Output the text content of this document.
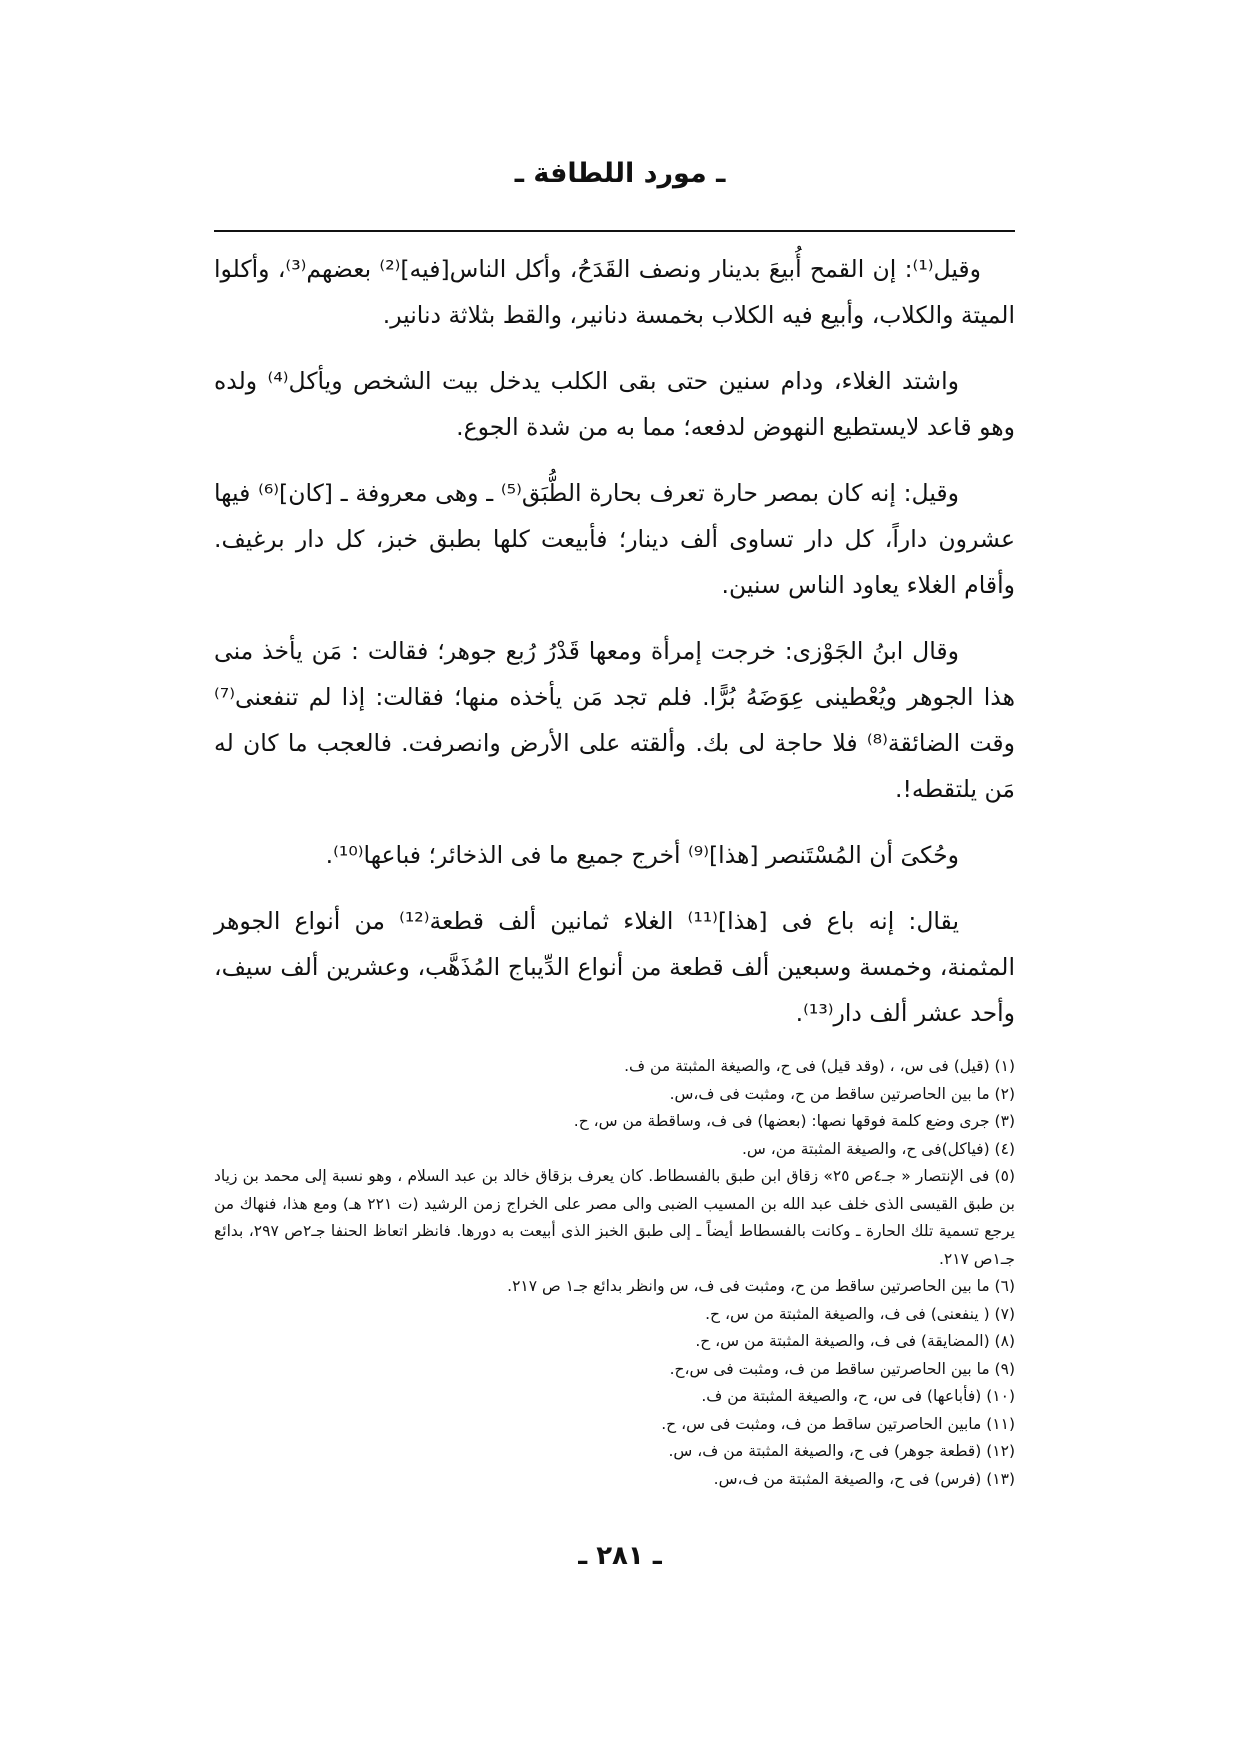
ـ مورد اللطافة ـ

وقيل⁽¹⁾: إن القمح أُبيعَ بدينار ونصف القَدَحُ، وأكل الناس[فيه]⁽²⁾ بعضهم⁽³⁾، وأكلوا الميتة والكلاب، وأبيع فيه الكلاب بخمسة دنانير، والقط بثلاثة دنانير.

واشتد الغلاء، ودام سنين حتى بقى الكلب يدخل بيت الشخص ويأكل⁽⁴⁾ ولده وهو قاعد لايستطيع النهوض لدفعه؛ مما به من شدة الجوع.

وقيل: إنه كان بمصر حارة تعرف بحارة الطُّبَق⁽⁵⁾ ـ وهى معروفة ـ [كان]⁽⁶⁾ فيها عشرون داراً، كل دار تساوى ألف دينار؛ فأبيعت كلها بطبق خبز، كل دار برغيف. وأقام الغلاء يعاود الناس سنين.

وقال ابنُ الجَوْزى: خرجت إمرأة ومعها قَدْرُ رُبع جوهر؛ فقالت : مَن يأخذ منى هذا الجوهر ويُعْطينى عِوَضَهُ بُرًّا. فلم تجد مَن يأخذه منها؛ فقالت: إذا لم تنفعنى⁽⁷⁾ وقت الضائقة⁽⁸⁾ فلا حاجة لى بك. وألقته على الأرض وانصرفت. فالعجب ما كان له مَن يلتقطه!.

وحُكىَ أن المُسْتَنصر [هذا]⁽⁹⁾ أخرج جميع ما فى الذخائر؛ فباعها⁽¹⁰⁾.

يقال: إنه باع فى [هذا]⁽¹¹⁾ الغلاء ثمانين ألف قطعة⁽¹²⁾ من أنواع الجوهر المثمنة، وخمسة وسبعين ألف قطعة من أنواع الدِّيباج المُذَهَّب، وعشرين ألف سيف، وأحد عشر ألف دار⁽¹³⁾.

(١) (قيل) فى س، ، (وقد قيل) فى ح، والصيغة المثبتة من ف.

(٢) ما بين الحاصرتين ساقط من ح، ومثبت فى ف،س.

(٣) جرى وضع كلمة فوقها نصها: (بعضها) فى ف، وساقطة من س، ح.

(٤) (فياكل)فى ح، والصيغة المثبتة من، س.

(٥) فى الإنتصار « جـ٤ص ٢٥» زقاق ابن طبق بالفسطاط. كان يعرف بزقاق خالد بن عبد السلام ، وهو نسبة إلى محمد بن زياد بن طبق القيسى الذى خلف عبد الله بن المسيب الضبى والى مصر على الخراج زمن الرشيد (ت ٢٢١ هـ) ومع هذا، فنهاك من يرجع تسمية تلك الحارة ـ وكانت بالفسطاط أيضاً ـ إلى طبق الخبز الذى أبيعت به دورها. فانظر اتعاظ الحنفا جـ٢ص ٢٩٧، بدائع جـ١ص ٢١٧.

(٦) ما بين الحاصرتين ساقط من ح، ومثبت فى ف، س وانظر بدائع جـ١ ص ٢١٧.

(٧) ( ينفعنى) فى ف، والصيغة المثبتة من س، ح.

(٨) (المضايقة) فى ف، والصيغة المثبتة من س، ح.

(٩) ما بين الحاصرتين ساقط من ف، ومثبت فى س،ح.

(١٠) (فأباعها) فى س، ح، والصيغة المثبتة من ف.

(١١) مابين الحاصرتين ساقط من ف، ومثبت فى س، ح.

(١٢) (قطعة جوهر) فى ح، والصيغة المثبتة من ف، س.

(١٣) (فرس) فى ح، والصيغة المثبتة من ف،س.

ـ ٢٨١ ـ
